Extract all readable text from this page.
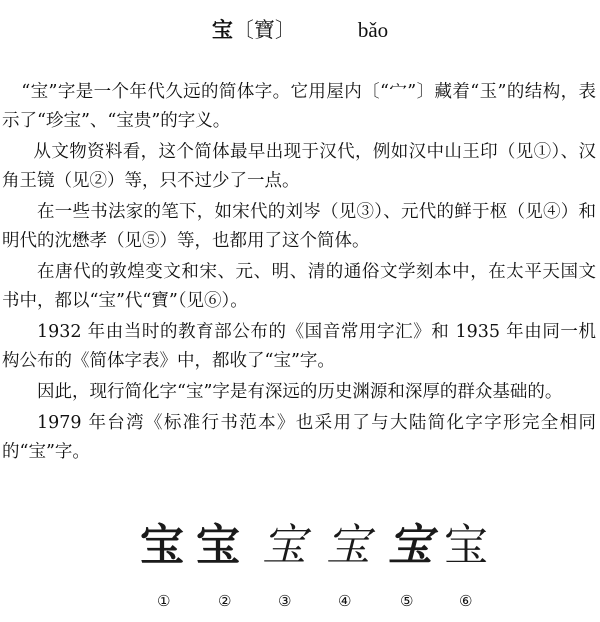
宝〔寶〕	bǎo

“宝”字是一个年代久远的简体字。它用屋内〔“宀”〕藏着“玉”的结构，表示了“珍宝”、“宝贵”的字义。

从文物资料看，这个简体最早出现于汉代，例如汉中山王印（见①）、汉角王镜（见②）等，只不过少了一点。

在一些书法家的笔下，如宋代的刘岑（见③）、元代的鲜于枢（见④）和明代的沈懋孝（见⑤）等，也都用了这个简体。

在唐代的敦煌变文和宋、元、明、清的通俗文学刻本中，在太平天国文书中，都以“宝”代“寶”（见⑥）。

1932 年由当时的教育部公布的《国音常用字汇》和 1935 年由同一机构公布的《简体字表》中，都收了“宝”字。

因此，现行简化字“宝”字是有深远的历史渊源和深厚的群众基础的。

1979 年台湾《标准行书范本》也采用了与大陆简化字字形完全相同的“宝”字。

宝 宝 宝 宝 宝 宝
①	②	③	④	⑤	⑥
